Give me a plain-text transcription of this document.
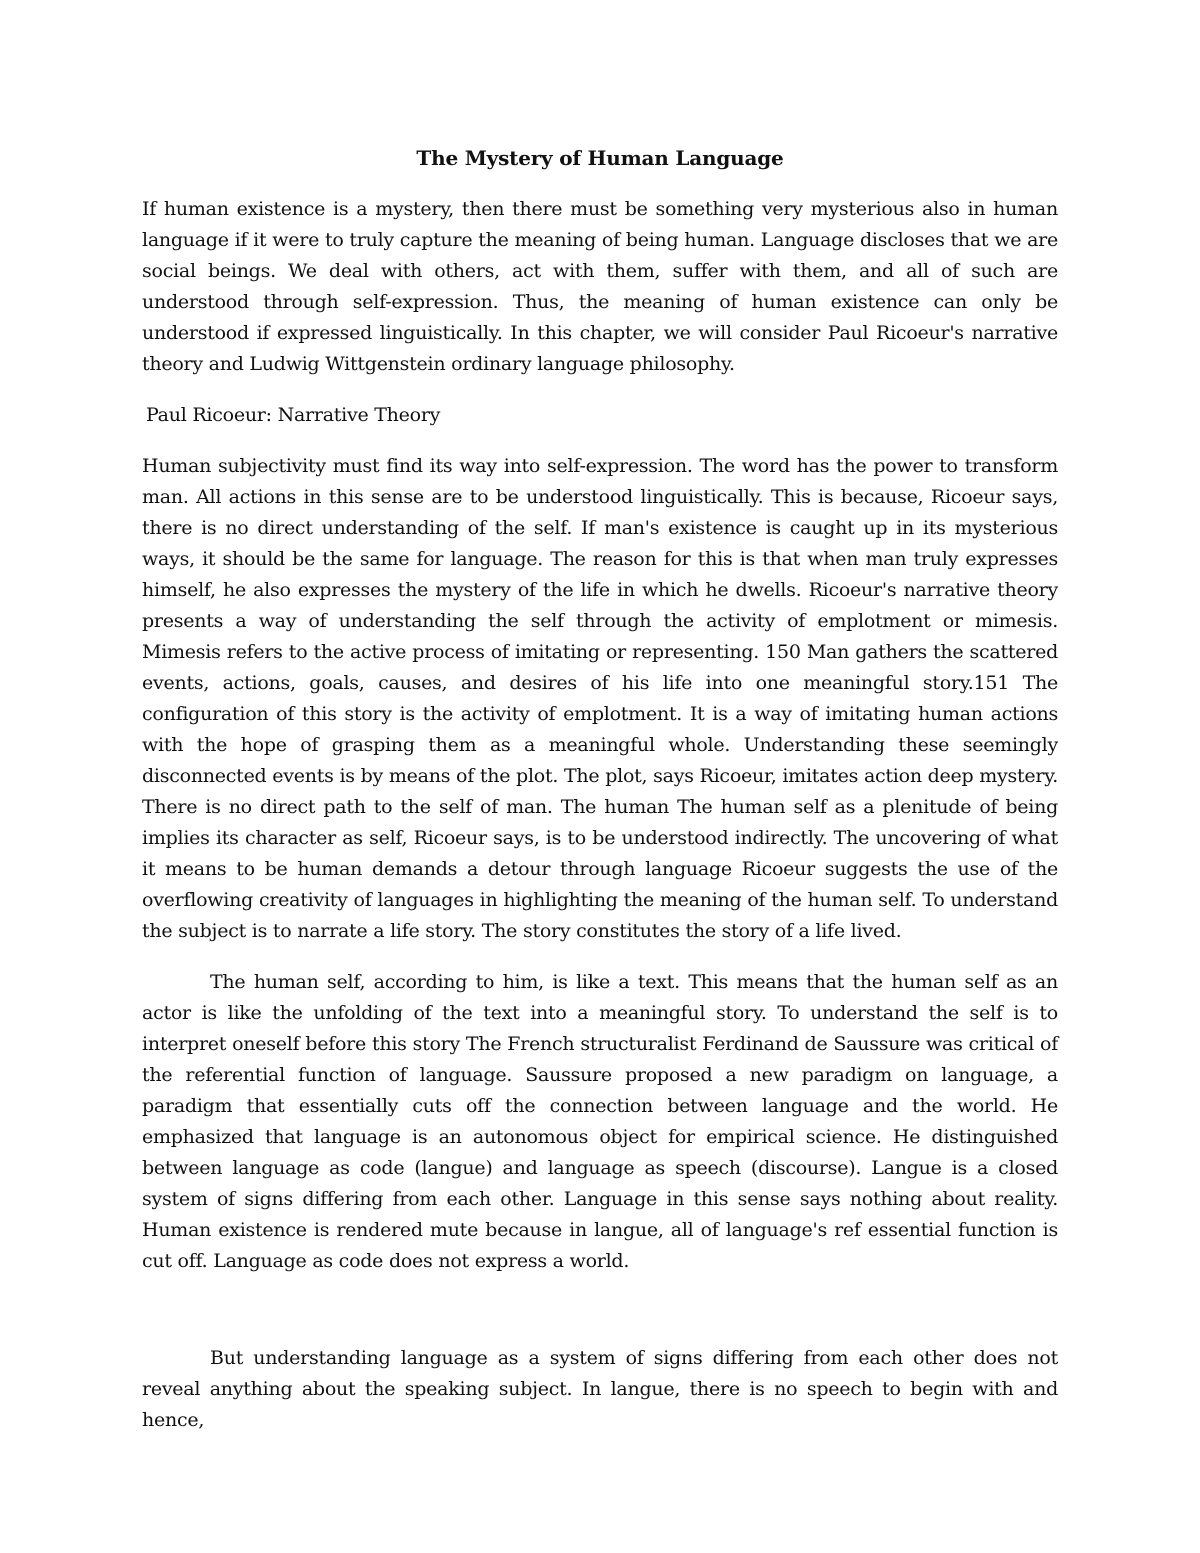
The Mystery of Human Language

If human existence is a mystery, then there must be something very mysterious also in human language if it were to truly capture the meaning of being human. Language discloses that we are social beings. We deal with others, act with them, suffer with them, and all of such are understood through self-expression. Thus, the meaning of human existence can only be understood if expressed linguistically. In this chapter, we will consider Paul Ricoeur's narrative theory and Ludwig Wittgenstein ordinary language philosophy.

Paul Ricoeur: Narrative Theory

Human subjectivity must find its way into self-expression. The word has the power to transform man. All actions in this sense are to be understood linguistically. This is because, Ricoeur says, there is no direct understanding of the self. If man's existence is caught up in its mysterious ways, it should be the same for language. The reason for this is that when man truly expresses himself, he also expresses the mystery of the life in which he dwells. Ricoeur's narrative theory presents a way of understanding the self through the activity of emplotment or mimesis. Mimesis refers to the active process of imitating or representing. 150 Man gathers the scattered events, actions, goals, causes, and desires of his life into one meaningful story.151 The configuration of this story is the activity of emplotment. It is a way of imitating human actions with the hope of grasping them as a meaningful whole. Understanding these seemingly disconnected events is by means of the plot. The plot, says Ricoeur, imitates action deep mystery. There is no direct path to the self of man. The human The human self as a plenitude of being implies its character as self, Ricoeur says, is to be understood indirectly. The uncovering of what it means to be human demands a detour through language Ricoeur suggests the use of the overflowing creativity of languages in highlighting the meaning of the human self. To understand the subject is to narrate a life story. The story constitutes the story of a life lived.

The human self, according to him, is like a text. This means that the human self as an actor is like the unfolding of the text into a meaningful story. To understand the self is to interpret oneself before this story The French structuralist Ferdinand de Saussure was critical of the referential function of language. Saussure proposed a new paradigm on language, a paradigm that essentially cuts off the connection between language and the world. He emphasized that language is an autonomous object for empirical science. He distinguished between language as code (langue) and language as speech (discourse). Langue is a closed system of signs differing from each other. Language in this sense says nothing about reality. Human existence is rendered mute because in langue, all of language's ref essential function is cut off. Language as code does not express a world.

But understanding language as a system of signs differing from each other does not reveal anything about the speaking subject. In langue, there is no speech to begin with and hence,
